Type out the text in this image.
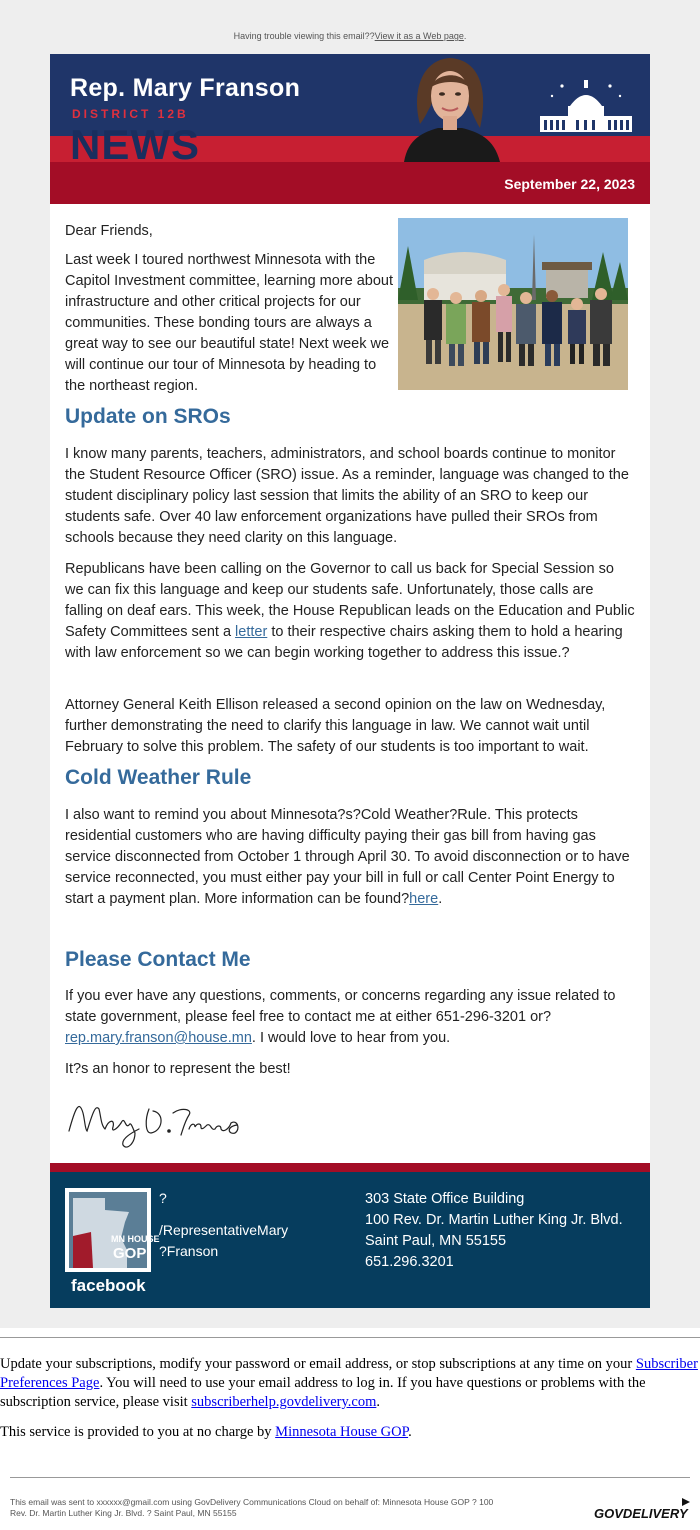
Having trouble viewing this email??View it as a Web page.
Rep. Mary Franson
DISTRICT 12B
NEWS
September 22, 2023

Dear Friends,

Last week I toured northwest Minnesota with the Capitol Investment committee, learning more about infrastructure and other critical projects for our communities. These bonding tours are always a great way to see our beautiful state! Next week we will continue our tour of Minnesota by heading to the northeast region.

Update on SROs

I know many parents, teachers, administrators, and school boards continue to monitor the Student Resource Officer (SRO) issue. As a reminder, language was changed to the student disciplinary policy last session that limits the ability of an SRO to keep our students safe. Over 40 law enforcement organizations have pulled their SROs from schools because they need clarity on this language.

Republicans have been calling on the Governor to call us back for Special Session so we can fix this language and keep our students safe. Unfortunately, those calls are falling on deaf ears. This week, the House Republican leads on the Education and Public Safety Committees sent a letter to their respective chairs asking them to hold a hearing with law enforcement so we can begin working together to address this issue.?

Attorney General Keith Ellison released a second opinion on the law on Wednesday, further demonstrating the need to clarify this language in law. We cannot wait until February to solve this problem. The safety of our students is too important to wait.

Cold Weather Rule

I also want to remind you about Minnesota?s?Cold Weather?Rule. This protects residential customers who are having difficulty paying their gas bill from having gas service disconnected from October 1 through April 30. To avoid disconnection or to have service reconnected, you must either pay your bill in full or call Center Point Energy to start a payment plan. More information can be found?here.

Please Contact Me

If you ever have any questions, comments, or concerns regarding any issue related to state government, please feel free to contact me at either 651-296-3201 or? rep.mary.franson@house.mn. I would love to hear from you.

It?s an honor to represent the best!

MN HOUSE
GOP
facebook
?
/RepresentativeMary
?Franson
303 State Office Building
100 Rev. Dr. Martin Luther King Jr. Blvd.
Saint Paul, MN 55155
651.296.3201

Update your subscriptions, modify your password or email address, or stop subscriptions at any time on your Subscriber Preferences Page. You will need to use your email address to log in. If you have questions or problems with the subscription service, please visit subscriberhelp.govdelivery.com.

This service is provided to you at no charge by Minnesota House GOP.
This email was sent to xxxxxx@gmail.com using GovDelivery Communications Cloud on behalf of: Minnesota House GOP ? 100
Rev. Dr. Martin Luther King Jr. Blvd. ? Saint Paul, MN 55155	GOVDELIVERY
